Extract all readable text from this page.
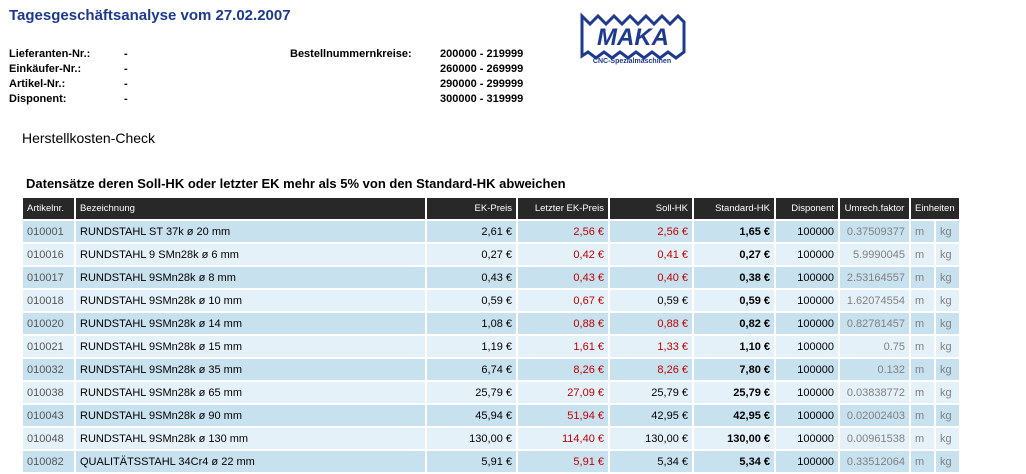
Tagesgeschäftsanalyse vom 27.02.2007
Lieferanten-Nr.:	-
Einkäufer-Nr.:	-
Artikel-Nr.:	-
Disponent:	-
Bestellnummernkreise:	200000 - 219999
260000 - 269999
290000 - 299999
300000 - 319999
MAKA
CNC-Spezialmaschinen
Herstellkosten-Check
Datensätze deren Soll-HK oder letzter EK mehr als 5% von den Standard-HK abweichen
Artikelnr.	Bezeichnung	EK-Preis	Letzter EK-Preis	Soll-HK	Standard-HK	Disponent	Umrech.faktor	Einheiten	
010001	RUNDSTAHL ST 37k ø 20 mm	2,61 €	2,56 €	2,56 €	1,65 €	100000	0.37509377	m	kg
010016	RUNDSTAHL 9 SMn28k ø 6 mm	0,27 €	0,42 €	0,41 €	0,27 €	100000	5.9990045	m	kg
010017	RUNDSTAHL 9SMn28k ø 8 mm	0,43 €	0,43 €	0,40 €	0,38 €	100000	2.53164557	m	kg
010018	RUNDSTAHL 9SMn28k ø 10 mm	0,59 €	0,67 €	0,59 €	0,59 €	100000	1.62074554	m	kg
010020	RUNDSTAHL 9SMn28k ø 14 mm	1,08 €	0,88 €	0,88 €	0,82 €	100000	0.82781457	m	kg
010021	RUNDSTAHL 9SMn28k ø 15 mm	1,19 €	1,61 €	1,33 €	1,10 €	100000	0.75	m	kg
010032	RUNDSTAHL 9SMn28k ø 35 mm	6,74 €	8,26 €	8,26 €	7,80 €	100000	0.132	m	kg
010038	RUNDSTAHL 9SMn28k ø 65 mm	25,79 €	27,09 €	25,79 €	25,79 €	100000	0.03838772	m	kg
010043	RUNDSTAHL 9SMn28k ø 90 mm	45,94 €	51,94 €	42,95 €	42,95 €	100000	0.02002403	m	kg
010048	RUNDSTAHL 9SMn28k ø 130 mm	130,00 €	114,40 €	130,00 €	130,00 €	100000	0.00961538	m	kg
010082	QUALITÄTSSTAHL 34Cr4 ø 22 mm	5,91 €	5,91 €	5,34 €	5,34 €	100000	0.33512064	m	kg
